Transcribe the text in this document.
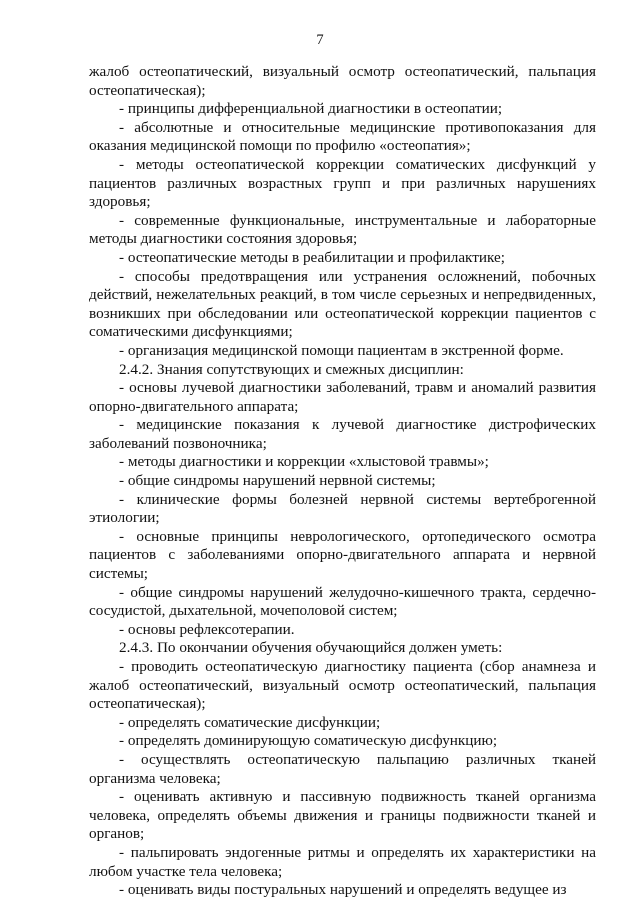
7

жалоб остеопатический, визуальный осмотр остеопатический, пальпация остеопатическая);

- принципы дифференциальной диагностики в остеопатии;

- абсолютные и относительные медицинские противопоказания для оказания медицинской помощи по профилю «остеопатия»;

- методы остеопатической коррекции соматических дисфункций у пациентов различных возрастных групп и при различных нарушениях здоровья;

- современные функциональные, инструментальные и лабораторные методы диагностики состояния здоровья;

- остеопатические методы в реабилитации и профилактике;

- способы предотвращения или устранения осложнений, побочных действий, нежелательных реакций, в том числе серьезных и непредвиденных, возникших при обследовании или остеопатической коррекции пациентов с соматическими дисфункциями;

- организация медицинской помощи пациентам в экстренной форме.

2.4.2. Знания сопутствующих и смежных дисциплин:

- основы лучевой диагностики заболеваний, травм и аномалий развития опорно-двигательного аппарата;

- медицинские показания к лучевой диагностике дистрофических заболеваний позвоночника;

- методы диагностики и коррекции «хлыстовой травмы»;

- общие синдромы нарушений нервной системы;

- клинические формы болезней нервной системы вертеброгенной этиологии;

- основные принципы неврологического, ортопедического осмотра пациентов с заболеваниями опорно-двигательного аппарата и нервной системы;

- общие синдромы нарушений желудочно-кишечного тракта, сердечно-сосудистой, дыхательной, мочеполовой систем;

- основы рефлексотерапии.

2.4.3. По окончании обучения обучающийся должен уметь:

- проводить остеопатическую диагностику пациента (сбор анамнеза и жалоб остеопатический, визуальный осмотр остеопатический, пальпация остеопатическая);

- определять соматические дисфункции;

- определять доминирующую соматическую дисфункцию;

- осуществлять остеопатическую пальпацию различных тканей организма человека;

- оценивать активную и пассивную подвижность тканей организма человека, определять объемы движения и границы подвижности тканей и органов;

- пальпировать эндогенные ритмы и определять их характеристики на любом участке тела человека;

- оценивать виды постуральных нарушений и определять ведущее из
